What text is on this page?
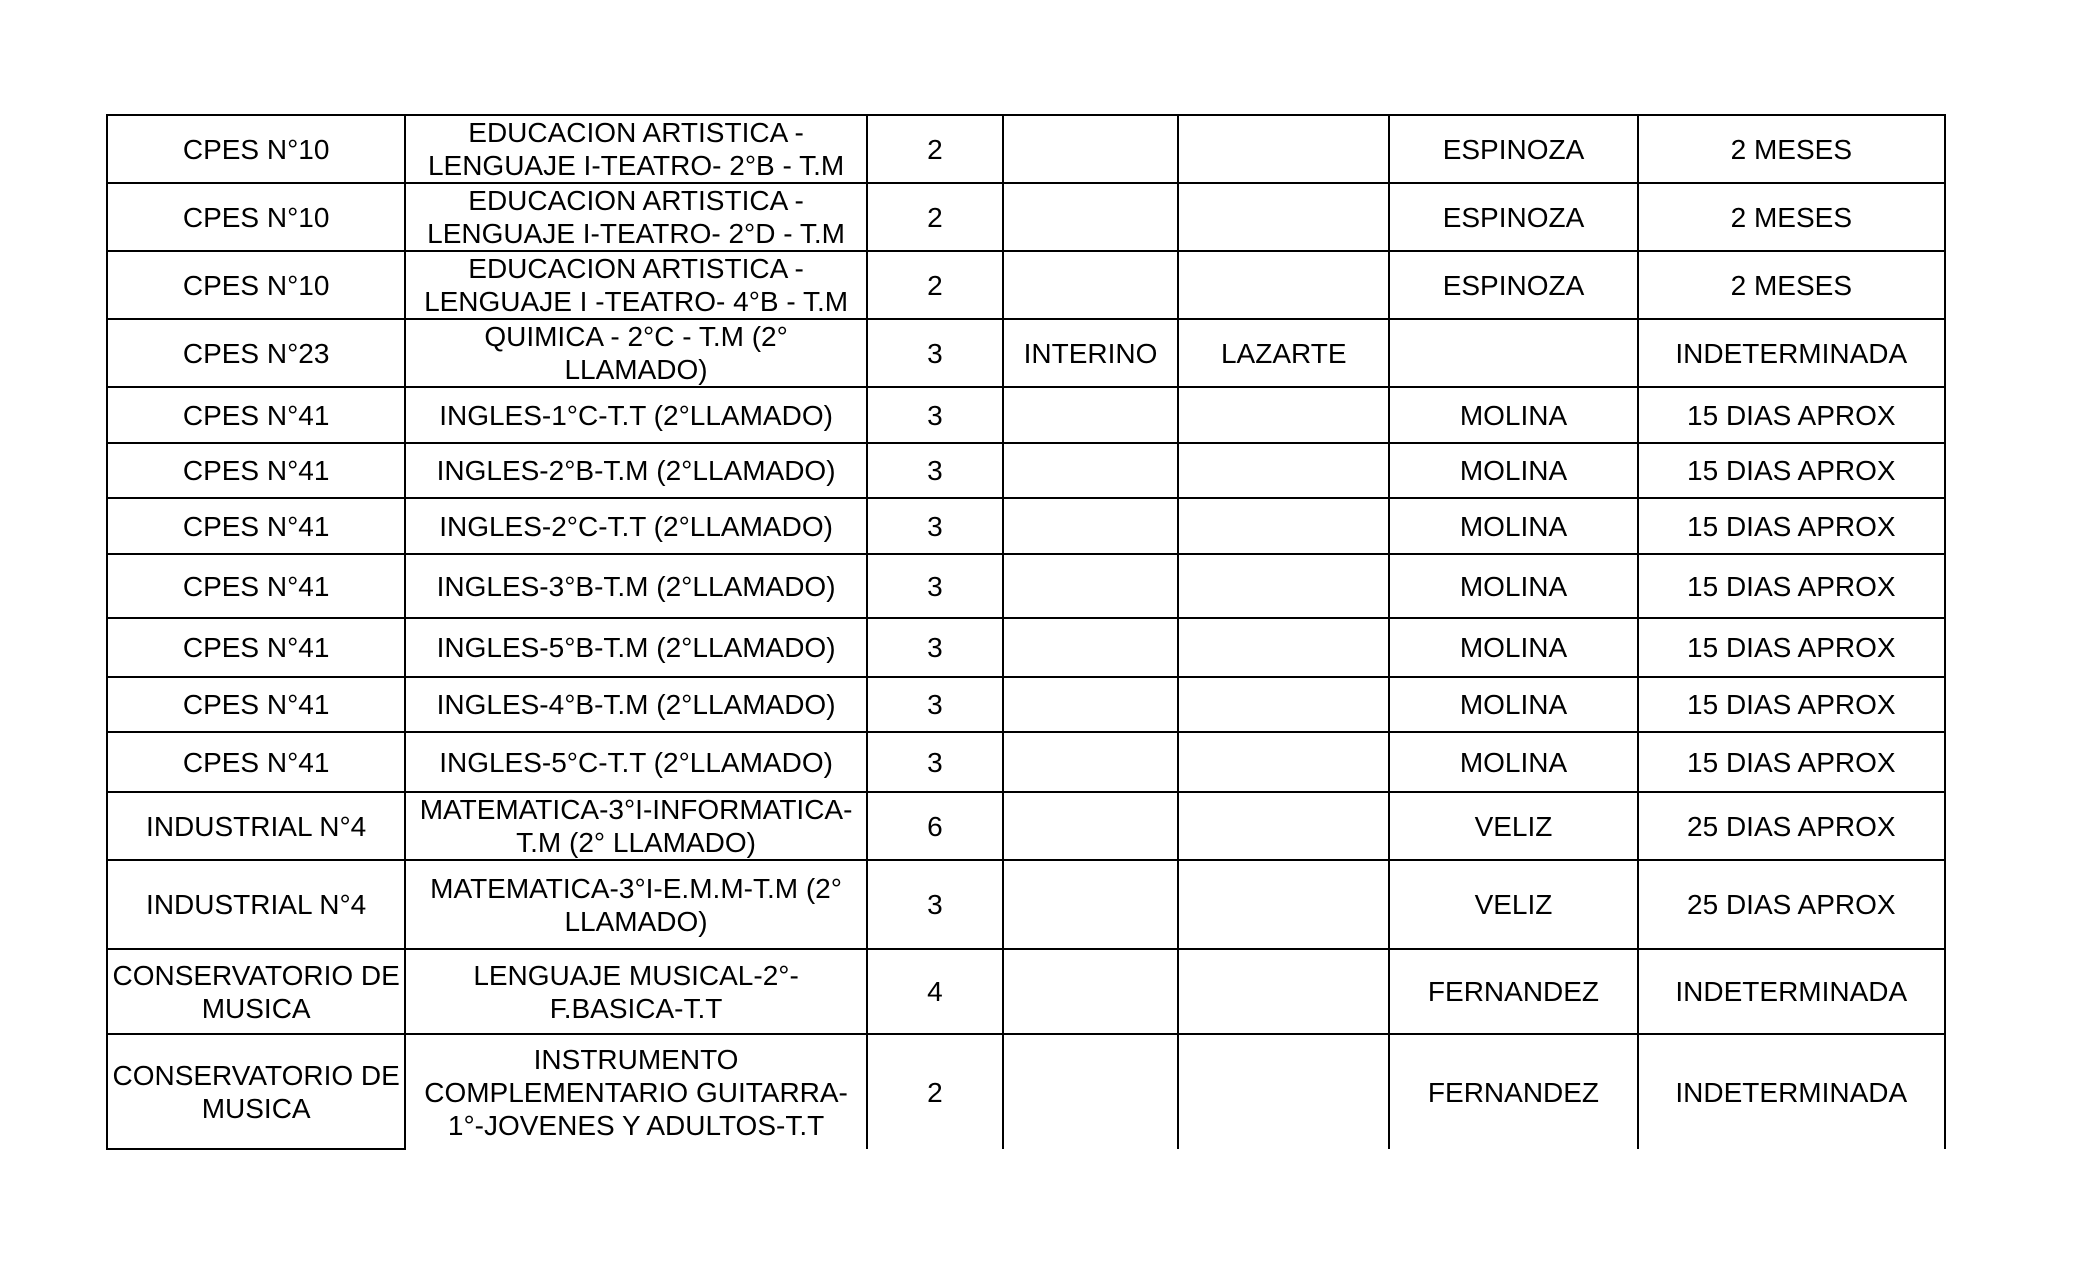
CPES N°10	EDUCACION ARTISTICA - LENGUAJE I-TEATRO- 2°B - T.M	2			ESPINOZA	2 MESES
CPES N°10	EDUCACION ARTISTICA - LENGUAJE I-TEATRO- 2°D - T.M	2			ESPINOZA	2 MESES
CPES N°10	EDUCACION ARTISTICA - LENGUAJE I -TEATRO- 4°B - T.M	2			ESPINOZA	2 MESES
CPES N°23	QUIMICA - 2°C - T.M (2° LLAMADO)	3	INTERINO	LAZARTE		INDETERMINADA
CPES N°41	INGLES-1°C-T.T (2°LLAMADO)	3			MOLINA	15 DIAS APROX
CPES N°41	INGLES-2°B-T.M (2°LLAMADO)	3			MOLINA	15 DIAS APROX
CPES N°41	INGLES-2°C-T.T (2°LLAMADO)	3			MOLINA	15 DIAS APROX
CPES N°41	INGLES-3°B-T.M (2°LLAMADO)	3			MOLINA	15 DIAS APROX
CPES N°41	INGLES-5°B-T.M (2°LLAMADO)	3			MOLINA	15 DIAS APROX
CPES N°41	INGLES-4°B-T.M (2°LLAMADO)	3			MOLINA	15 DIAS APROX
CPES N°41	INGLES-5°C-T.T (2°LLAMADO)	3			MOLINA	15 DIAS APROX
INDUSTRIAL N°4	MATEMATICA-3°I-INFORMATICA-T.M (2° LLAMADO)	6			VELIZ	25 DIAS APROX
INDUSTRIAL N°4	MATEMATICA-3°I-E.M.M-T.M (2° LLAMADO)	3			VELIZ	25 DIAS APROX
CONSERVATORIO DE MUSICA	LENGUAJE MUSICAL-2°-F.BASICA-T.T	4			FERNANDEZ	INDETERMINADA
CONSERVATORIO DE MUSICA	INSTRUMENTO COMPLEMENTARIO GUITARRA-1°-JOVENES Y ADULTOS-T.T	2			FERNANDEZ	INDETERMINADA
